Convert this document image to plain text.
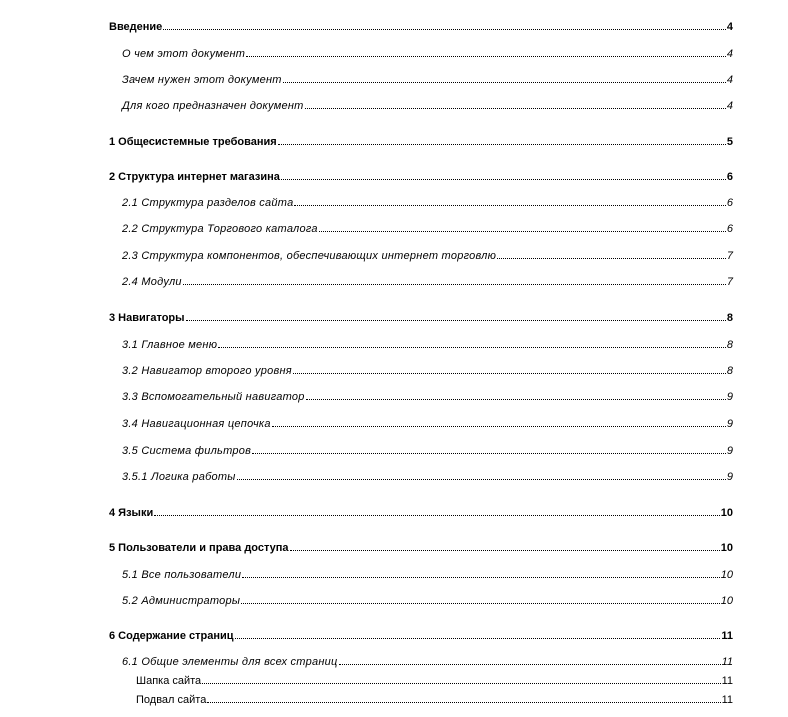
Введение	4
О чем этот документ	4
Зачем нужен этот документ	4
Для кого предназначен документ	4
1 Общесистемные требования	5
2 Структура интернет магазина	6
2.1 Структура разделов сайта	6
2.2 Структура Торгового каталога	6
2.3 Структура компонентов, обеспечивающих интернет торговлю	7
2.4 Модули	7
3 Навигаторы	8
3.1 Главное меню	8
3.2 Навигатор второго уровня	8
3.3 Вспомогательный навигатор	9
3.4 Навигационная цепочка	9
3.5 Система фильтров	9
3.5.1 Логика работы	9
4 Языки	10
5 Пользователи и права доступа	10
5.1 Все пользователи	10
5.2 Администраторы	10
6 Содержание страниц	11
6.1 Общие элементы для всех страниц	11
Шапка сайта	11
Подвал сайта	11
